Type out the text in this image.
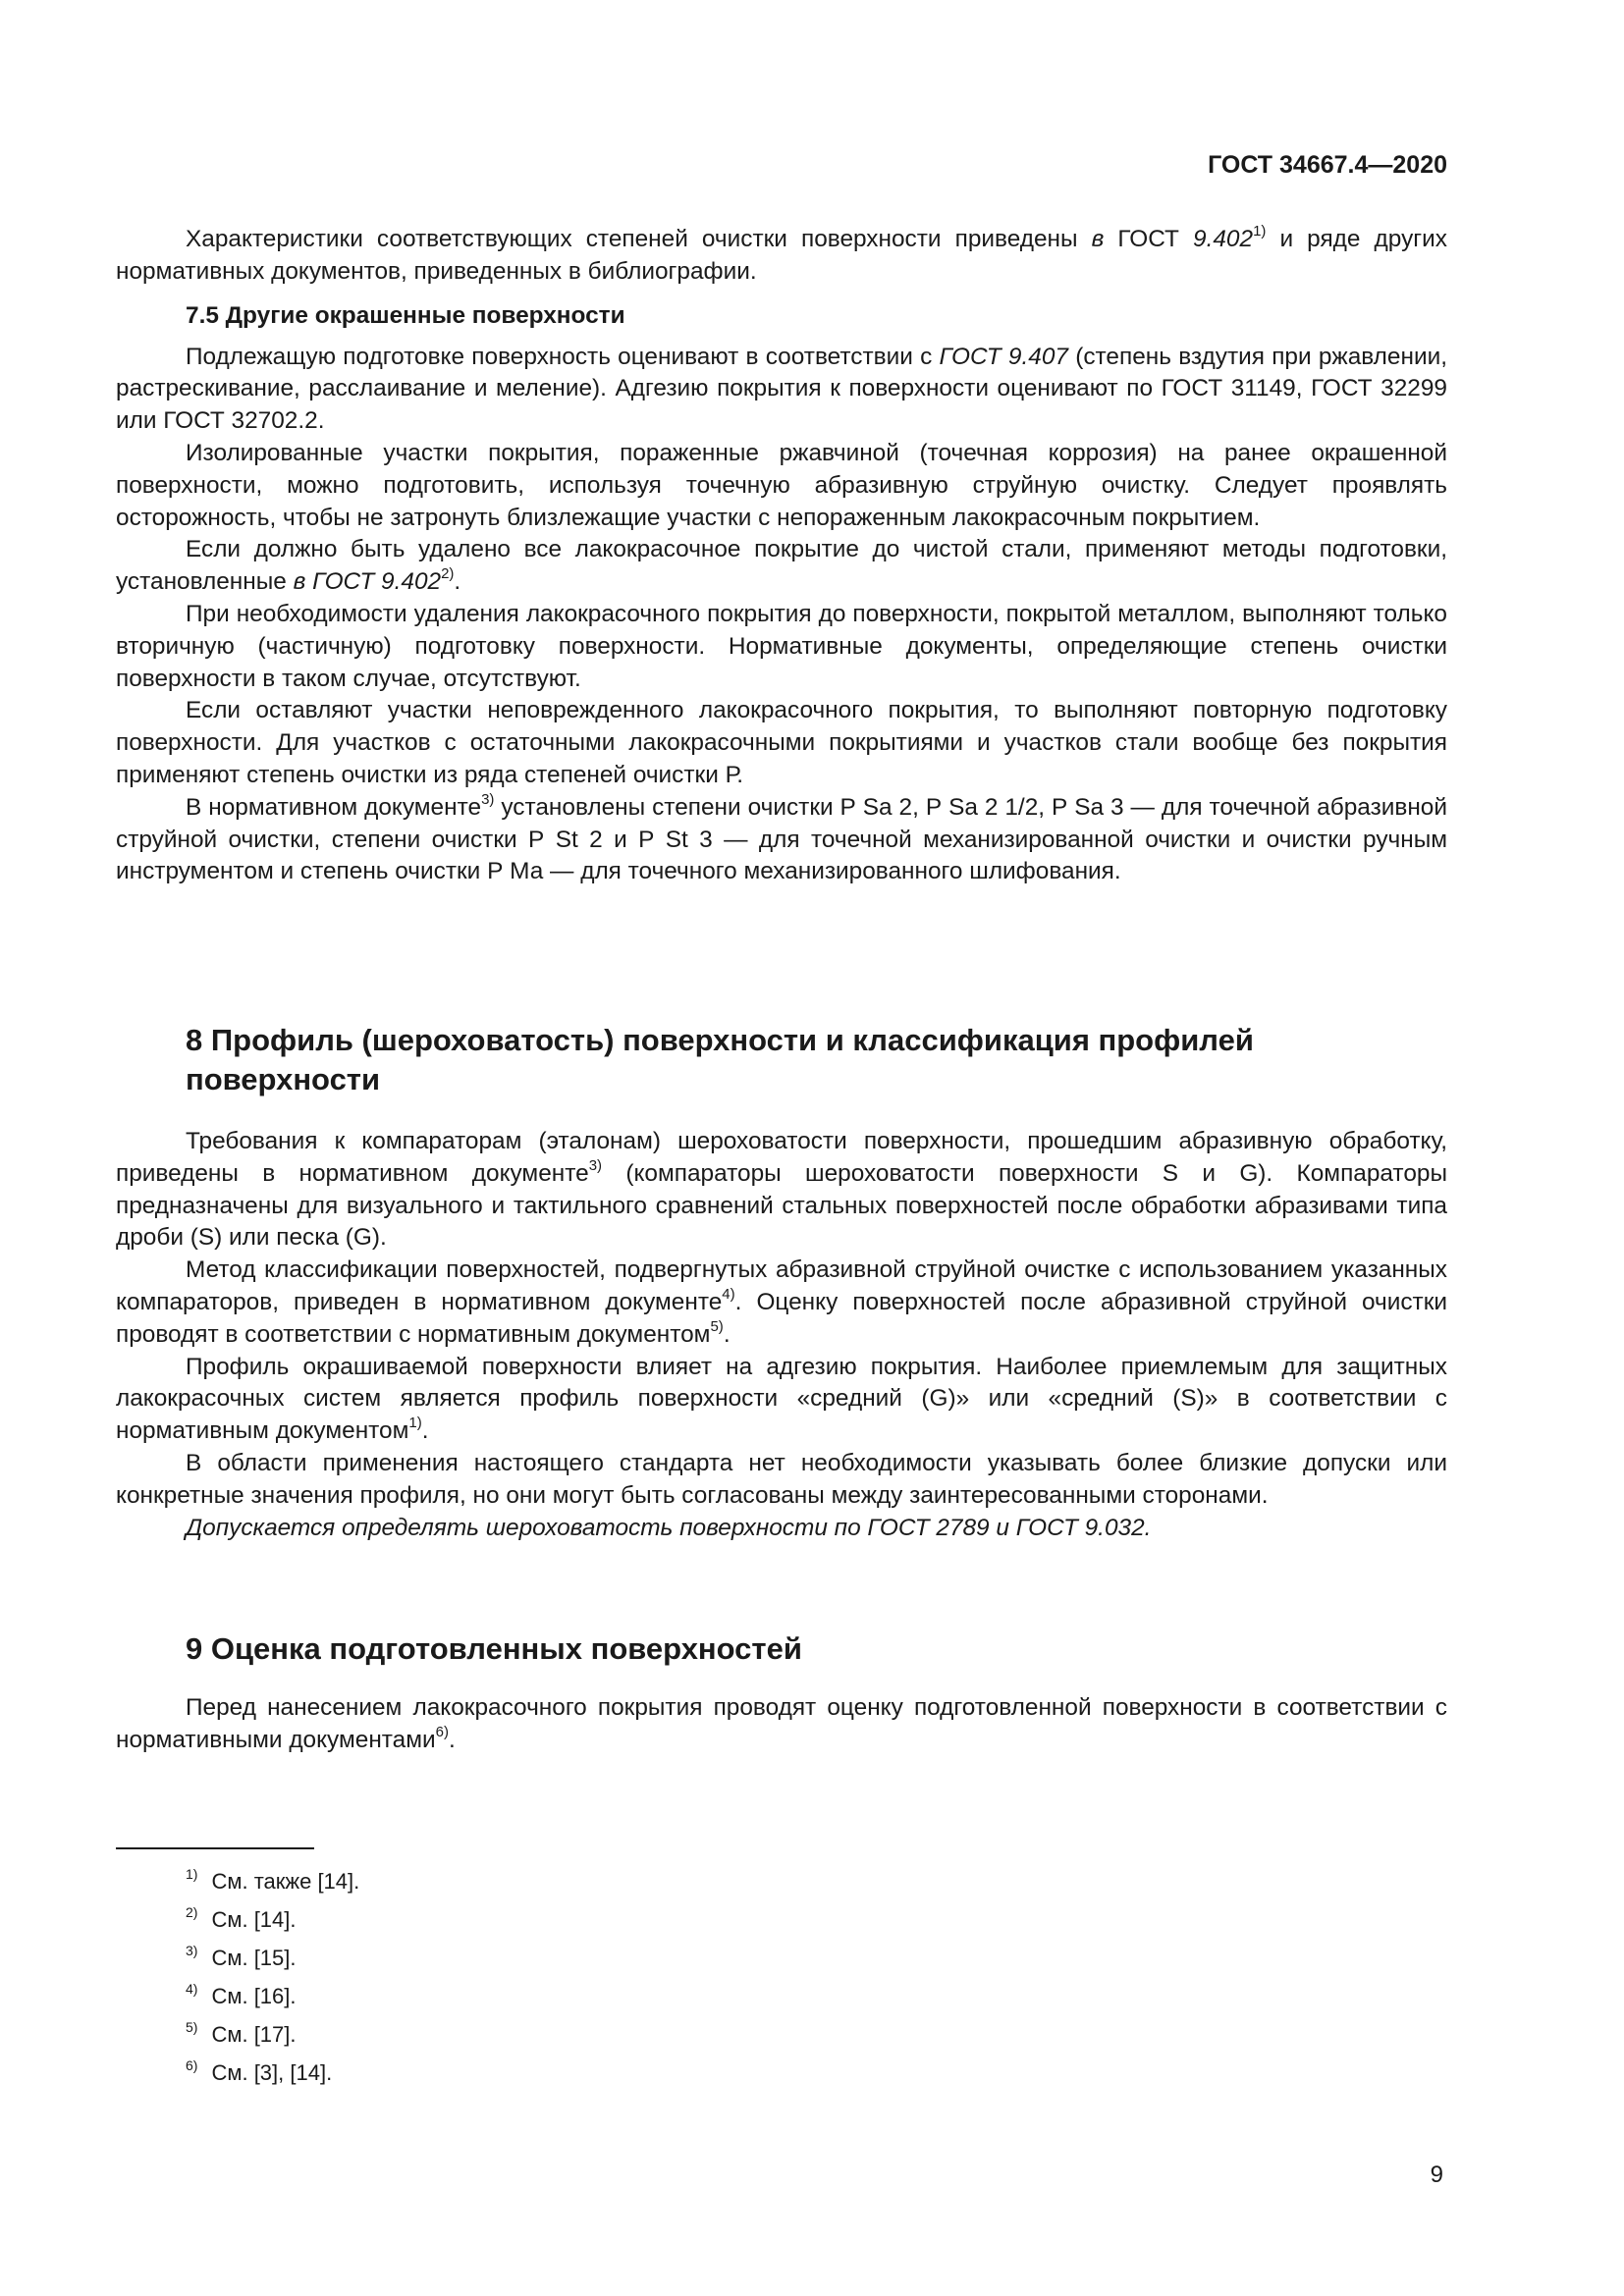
ГОСТ 34667.4—2020

Характеристики соответствующих степеней очистки поверхности приведены в ГОСТ 9.402$^{1)}$ и ряде других нормативных документов, приведенных в библиографии.

7.5 Другие окрашенные поверхности

Подлежащую подготовке поверхность оценивают в соответствии с ГОСТ 9.407 (степень вздутия при ржавлении, растрескивание, расслаивание и меление). Адгезию покрытия к поверхности оценивают по ГОСТ 31149, ГОСТ 32299 или ГОСТ 32702.2.

Изолированные участки покрытия, пораженные ржавчиной (точечная коррозия) на ранее окрашенной поверхности, можно подготовить, используя точечную абразивную струйную очистку. Следует проявлять осторожность, чтобы не затронуть близлежащие участки с непораженным лакокрасочным покрытием.

Если должно быть удалено все лакокрасочное покрытие до чистой стали, применяют методы подготовки, установленные в ГОСТ 9.402$^{2)}$.

При необходимости удаления лакокрасочного покрытия до поверхности, покрытой металлом, выполняют только вторичную (частичную) подготовку поверхности. Нормативные документы, определяющие степень очистки поверхности в таком случае, отсутствуют.

Если оставляют участки неповрежденного лакокрасочного покрытия, то выполняют повторную подготовку поверхности. Для участков с остаточными лакокрасочными покрытиями и участков стали вообще без покрытия применяют степень очистки из ряда степеней очистки Р.

В нормативном документе$^{3)}$ установлены степени очистки Р Sa 2, Р Sa 2 1/2, Р Sa 3 — для точечной абразивной струйной очистки, степени очистки Р St 2 и Р St 3 — для точечной механизированной очистки и очистки ручным инструментом и степень очистки Р Ма — для точечного механизированного шлифования.

8 Профиль (шероховатость) поверхности и классификация профилей
поверхности

Требования к компараторам (эталонам) шероховатости поверхности, прошедшим абразивную обработку, приведены в нормативном документе$^{3)}$ (компараторы шероховатости поверхности S и G). Компараторы предназначены для визуального и тактильного сравнений стальных поверхностей после обработки абразивами типа дроби (S) или песка (G).

Метод классификации поверхностей, подвергнутых абразивной струйной очистке с использованием указанных компараторов, приведен в нормативном документе$^{4)}$. Оценку поверхностей после абразивной струйной очистки проводят в соответствии с нормативным документом$^{5)}$.

Профиль окрашиваемой поверхности влияет на адгезию покрытия. Наиболее приемлемым для защитных лакокрасочных систем является профиль поверхности «средний (G)» или «средний (S)» в соответствии с нормативным документом$^{1)}$.

В области применения настоящего стандарта нет необходимости указывать более близкие допуски или конкретные значения профиля, но они могут быть согласованы между заинтересованными сторонами.

Допускается определять шероховатость поверхности по ГОСТ 2789 и ГОСТ 9.032.

9 Оценка подготовленных поверхностей

Перед нанесением лакокрасочного покрытия проводят оценку подготовленной поверхности в соответствии с нормативными документами$^{6)}$.

$^{1)}$ См. также [14].
$^{2)}$ См. [14].
$^{3)}$ См. [15].
$^{4)}$ См. [16].
$^{5)}$ См. [17].
$^{6)}$ См. [3], [14].
9
